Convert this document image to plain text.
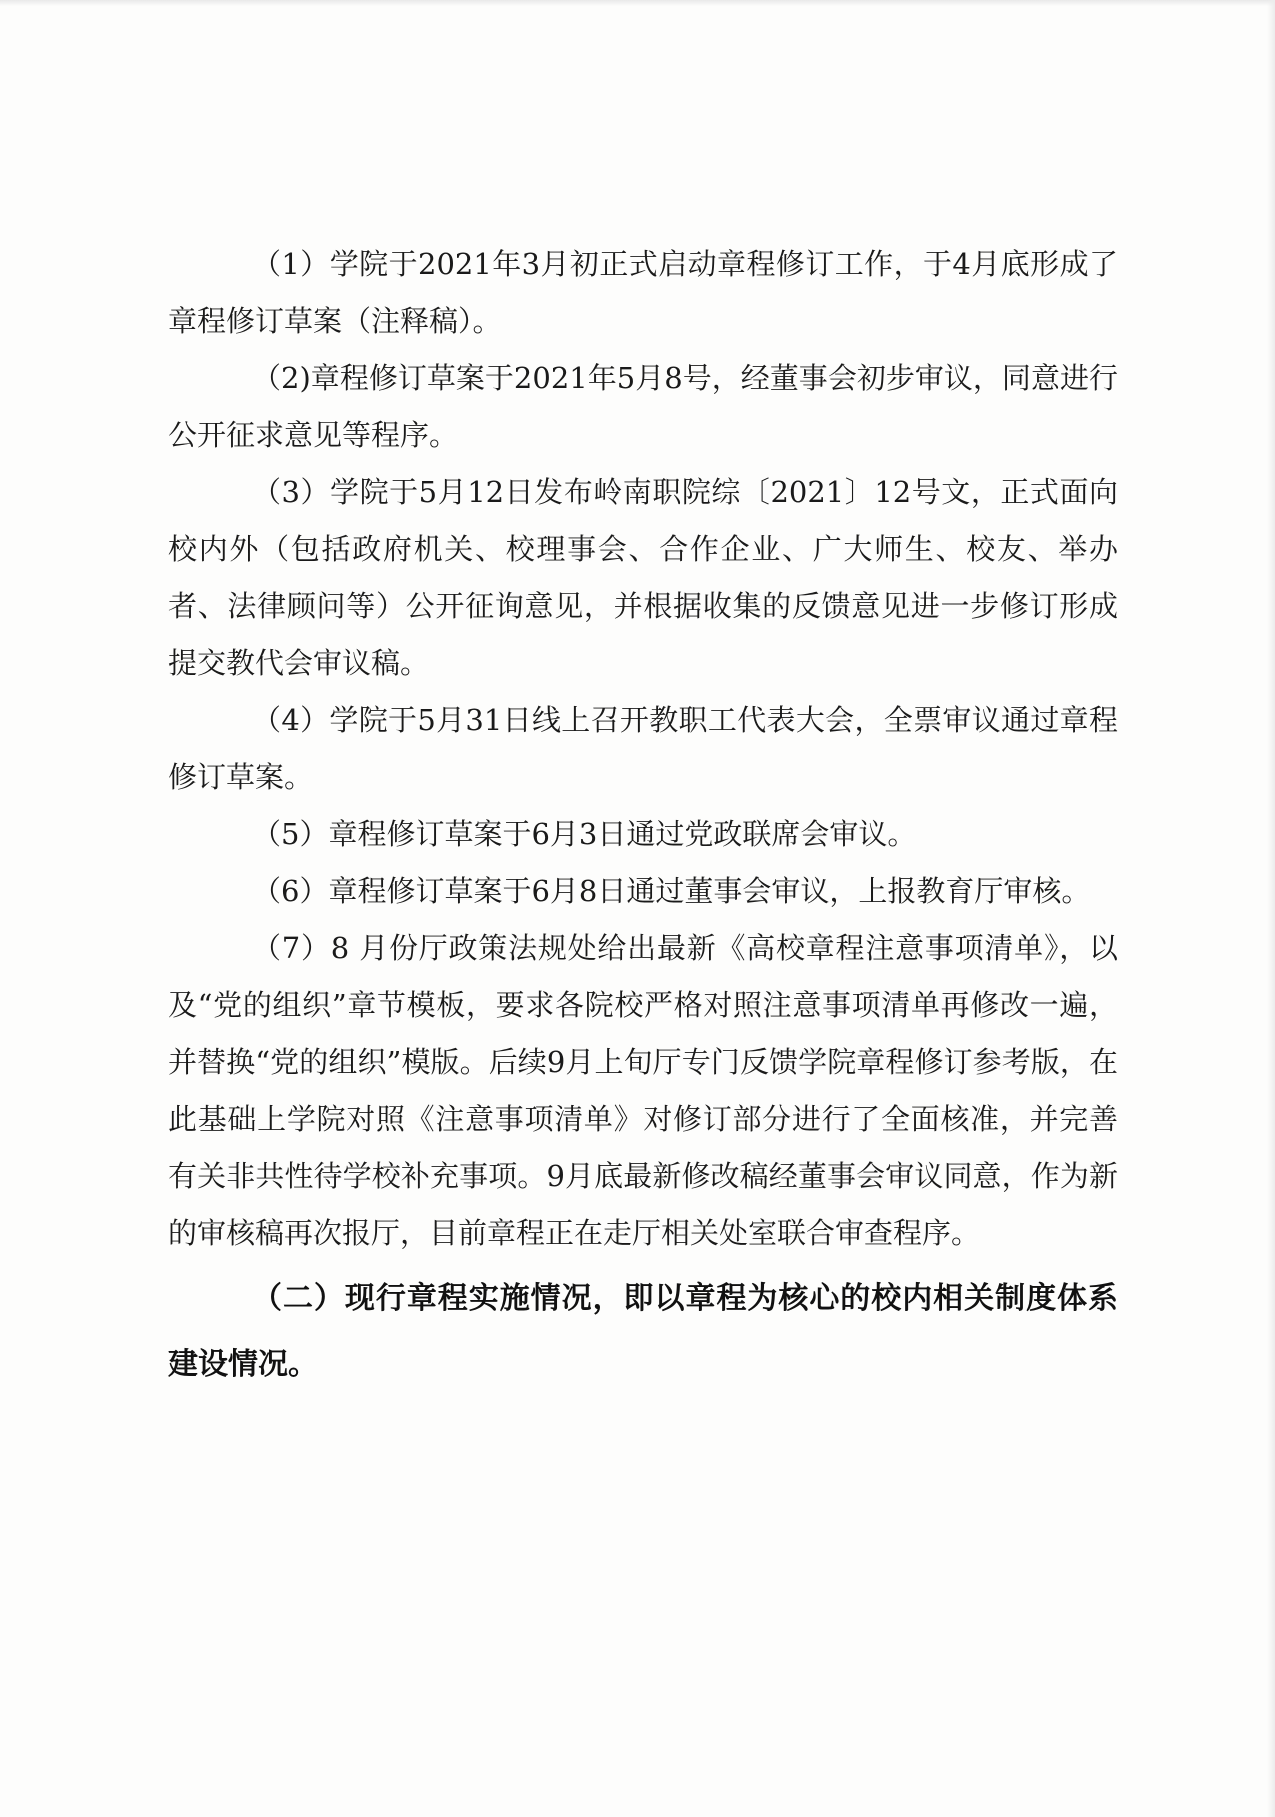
（1）学院于2021年3月初正式启动章程修订工作，于4月底形成了章程修订草案（注释稿）。

（2)章程修订草案于2021年5月8号，经董事会初步审议，同意进行公开征求意见等程序。

（3）学院于5月12日发布岭南职院综〔2021〕12号文，正式面向校内外（包括政府机关、校理事会、合作企业、广大师生、校友、举办者、法律顾问等）公开征询意见，并根据收集的反馈意见进一步修订形成提交教代会审议稿。

（4）学院于5月31日线上召开教职工代表大会，全票审议通过章程修订草案。

（5）章程修订草案于6月3日通过党政联席会审议。

（6）章程修订草案于6月8日通过董事会审议，上报教育厅审核。

（7）8 月份厅政策法规处给出最新《高校章程注意事项清单》，以及“党的组织”章节模板，要求各院校严格对照注意事项清单再修改一遍，并替换“党的组织”模版。后续9月上旬厅专门反馈学院章程修订参考版，在此基础上学院对照《注意事项清单》对修订部分进行了全面核准，并完善有关非共性待学校补充事项。9月底最新修改稿经董事会审议同意，作为新的审核稿再次报厅，目前章程正在走厅相关处室联合审查程序。

（二）现行章程实施情况，即以章程为核心的校内相关制度体系建设情况。
